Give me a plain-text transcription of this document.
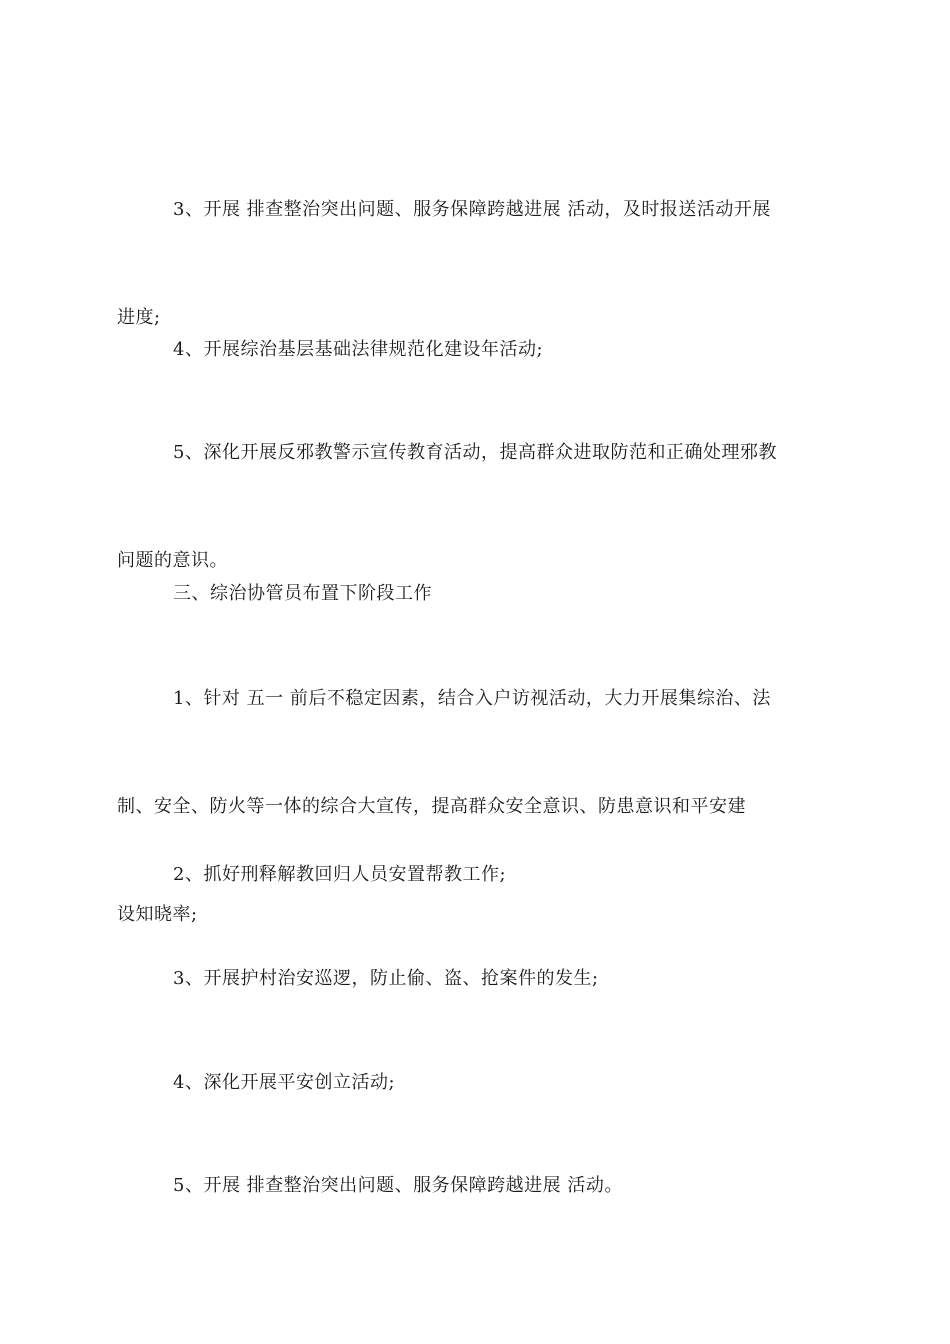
3、开展 排查整治突出问题、服务保障跨越进展 活动，及时报送活动开展

进度;

4、开展综治基层基础法律规范化建设年活动;

5、深化开展反邪教警示宣传教育活动，提高群众进取防范和正确处理邪教

问题的意识。

三、综治协管员布置下阶段工作

1、针对 五一 前后不稳定因素，结合入户访视活动，大力开展集综治、法

制、安全、防火等一体的综合大宣传，提高群众安全意识、防患意识和平安建

设知晓率;

2、抓好刑释解教回归人员安置帮教工作;

3、开展护村治安巡逻，防止偷、盗、抢案件的发生;

4、深化开展平安创立活动;

5、开展 排查整治突出问题、服务保障跨越进展 活动。
